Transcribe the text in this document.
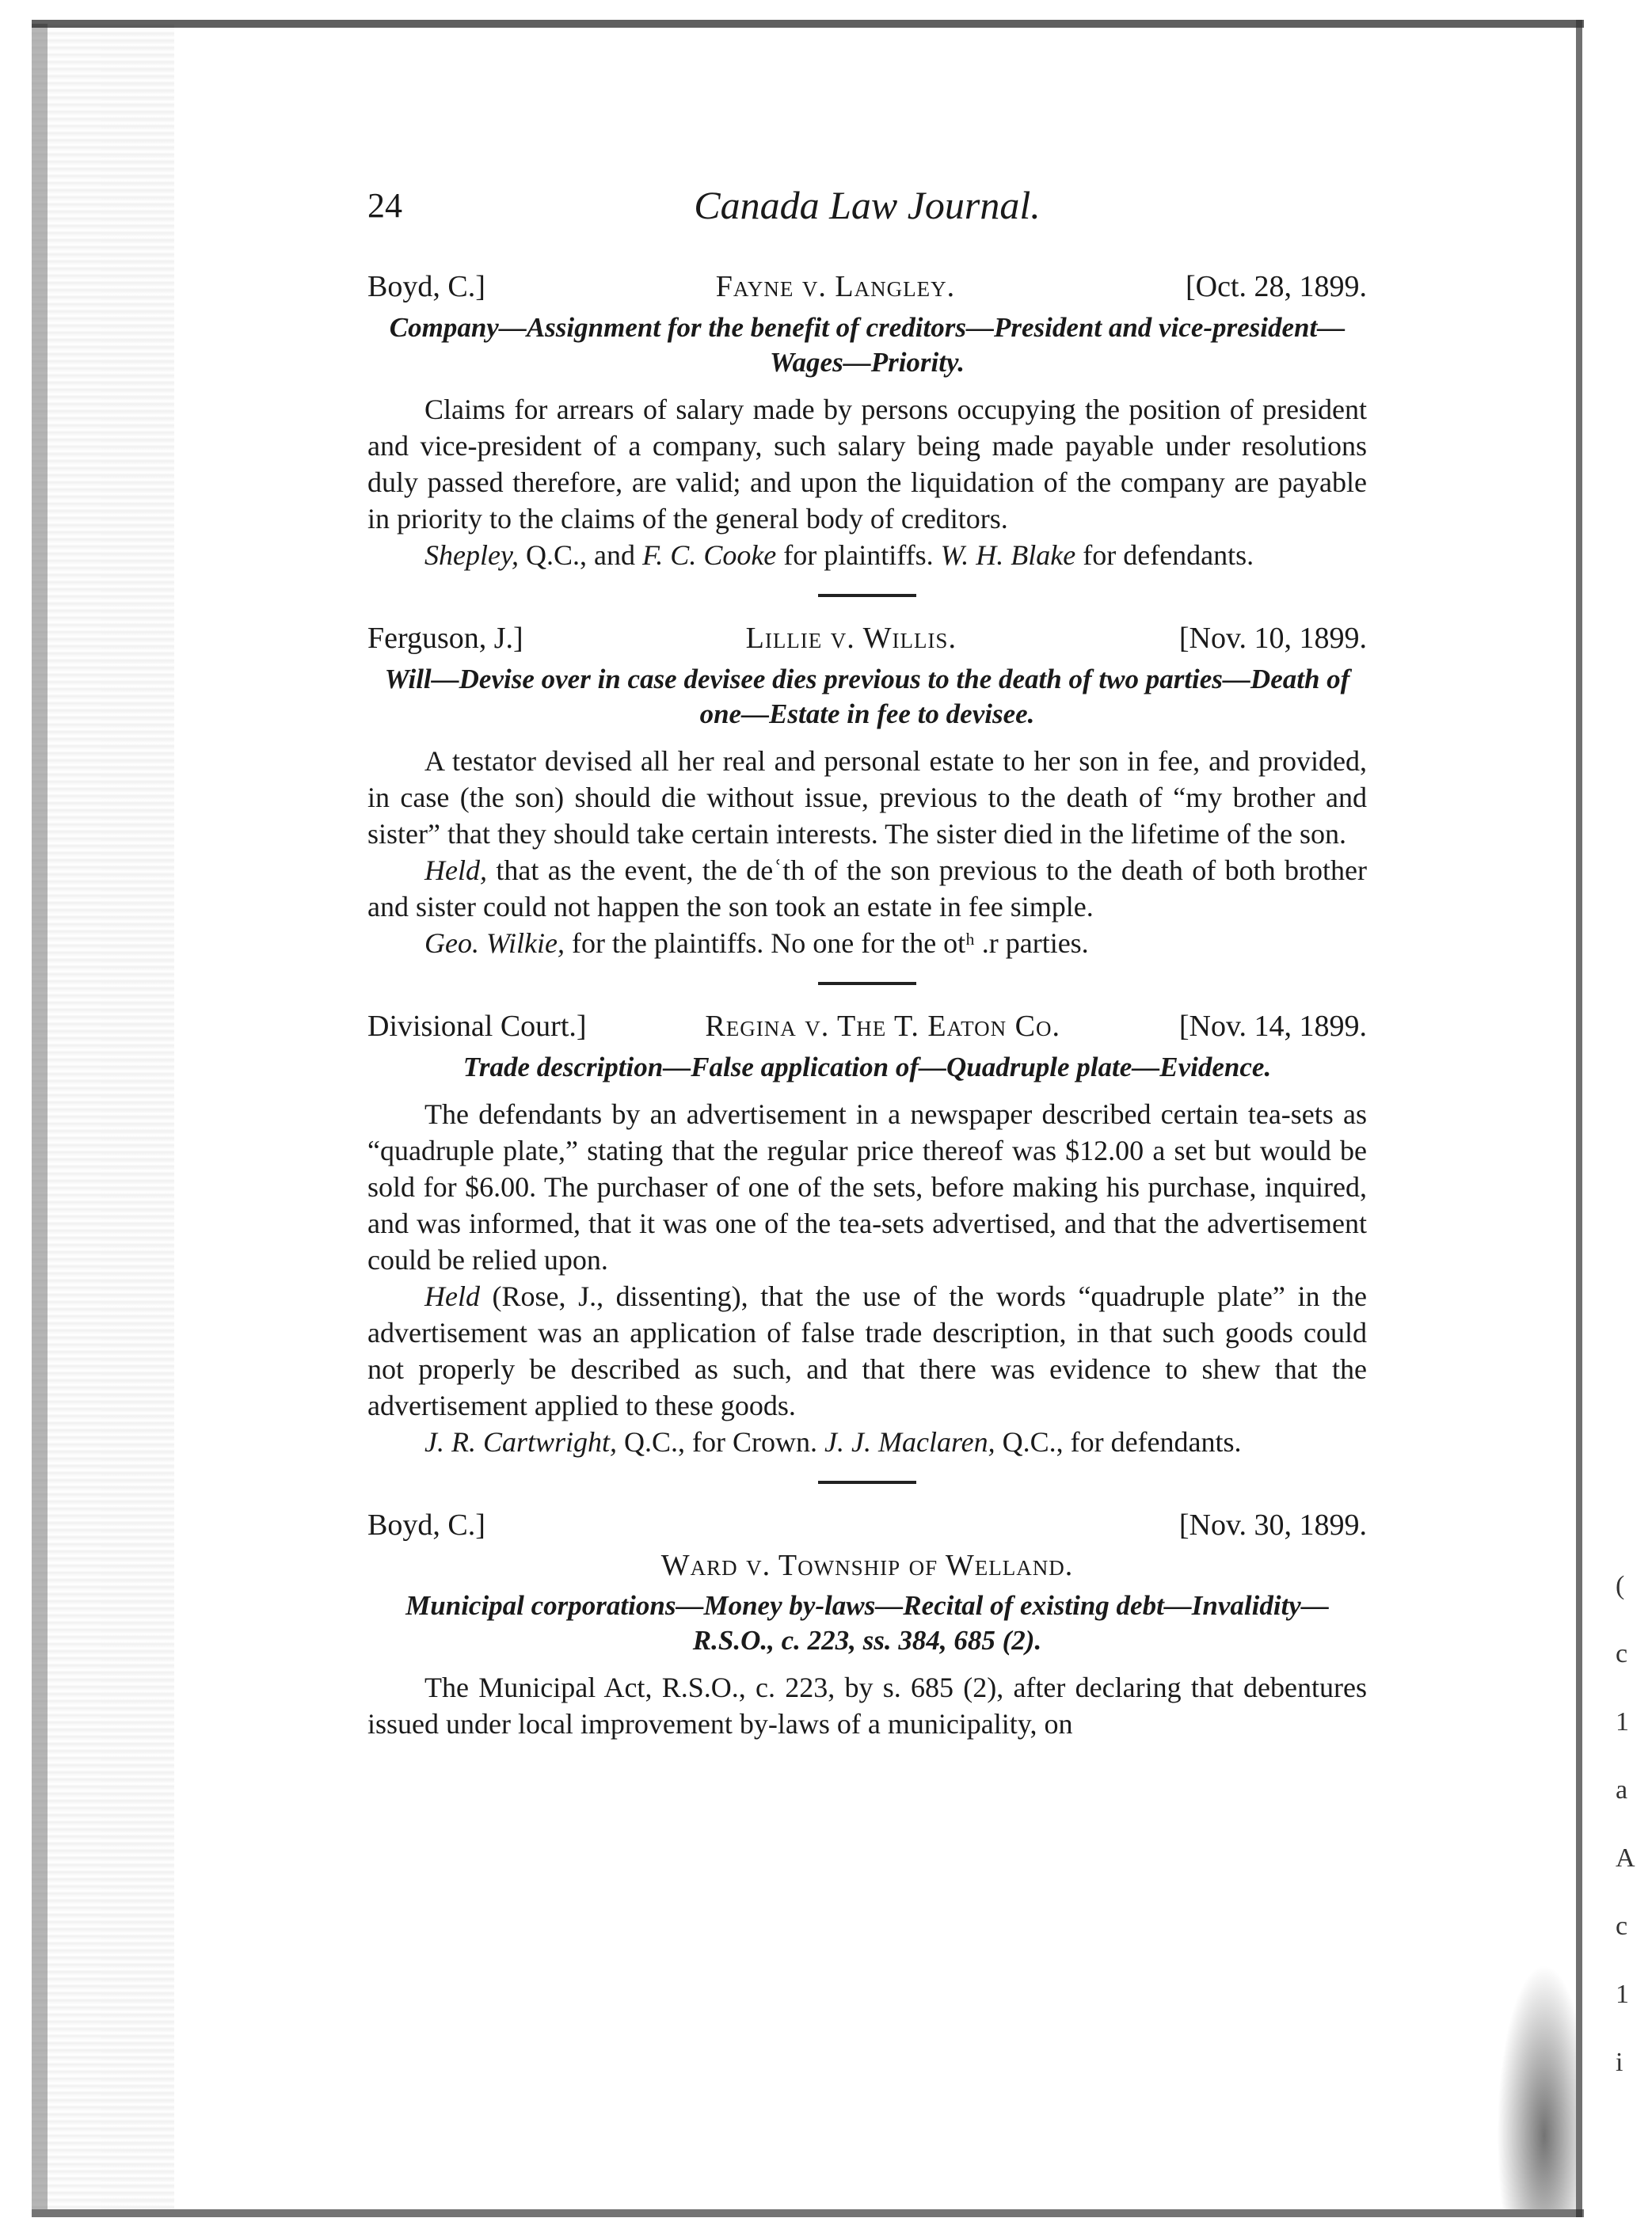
(
c
1
a
A
c
1
i
24	Canada Law Journal.
Boyd, C.]	Fayne v. Langley.	[Oct. 28, 1899.
Company—Assignment for the benefit of creditors—President and vice-president—Wages—Priority.

Claims for arrears of salary made by persons occupying the position of president and vice-president of a company, such salary being made payable under resolutions duly passed therefore, are valid; and upon the liquidation of the company are payable in priority to the claims of the general body of creditors.

Shepley, Q.C., and F. C. Cooke for plaintiffs. W. H. Blake for defendants.

Ferguson, J.]	Lillie v. Willis.	[Nov. 10, 1899.
Will—Devise over in case devisee dies previous to the death of two parties—Death of one—Estate in fee to devisee.

A testator devised all her real and personal estate to her son in fee, and provided, in case (the son) should die without issue, previous to the death of “my brother and sister” that they should take certain interests. The sister died in the lifetime of the son.

Held, that as the event, the deʿth of the son previous to the death of both brother and sister could not happen the son took an estate in fee simple.

Geo. Wilkie, for the plaintiffs. No one for the otʰ .r parties.

Divisional Court.]	Regina v. The T. Eaton Co.	[Nov. 14, 1899.
Trade description—False application of—Quadruple plate—Evidence.

The defendants by an advertisement in a newspaper described certain tea-sets as “quadruple plate,” stating that the regular price thereof was $12.00 a set but would be sold for $6.00. The purchaser of one of the sets, before making his purchase, inquired, and was informed, that it was one of the tea-sets advertised, and that the advertisement could be relied upon.

Held (Rose, J., dissenting), that the use of the words “quadruple plate” in the advertisement was an application of false trade description, in that such goods could not properly be described as such, and that there was evidence to shew that the advertisement applied to these goods.

J. R. Cartwright, Q.C., for Crown. J. J. Maclaren, Q.C., for defendants.

Boyd, C.]	[Nov. 30, 1899.
Ward v. Township of Welland.
Municipal corporations—Money by-laws—Recital of existing debt—Invalidity—R.S.O., c. 223, ss. 384, 685 (2).

The Municipal Act, R.S.O., c. 223, by s. 685 (2), after declaring that debentures issued under local improvement by-laws of a municipality, on
